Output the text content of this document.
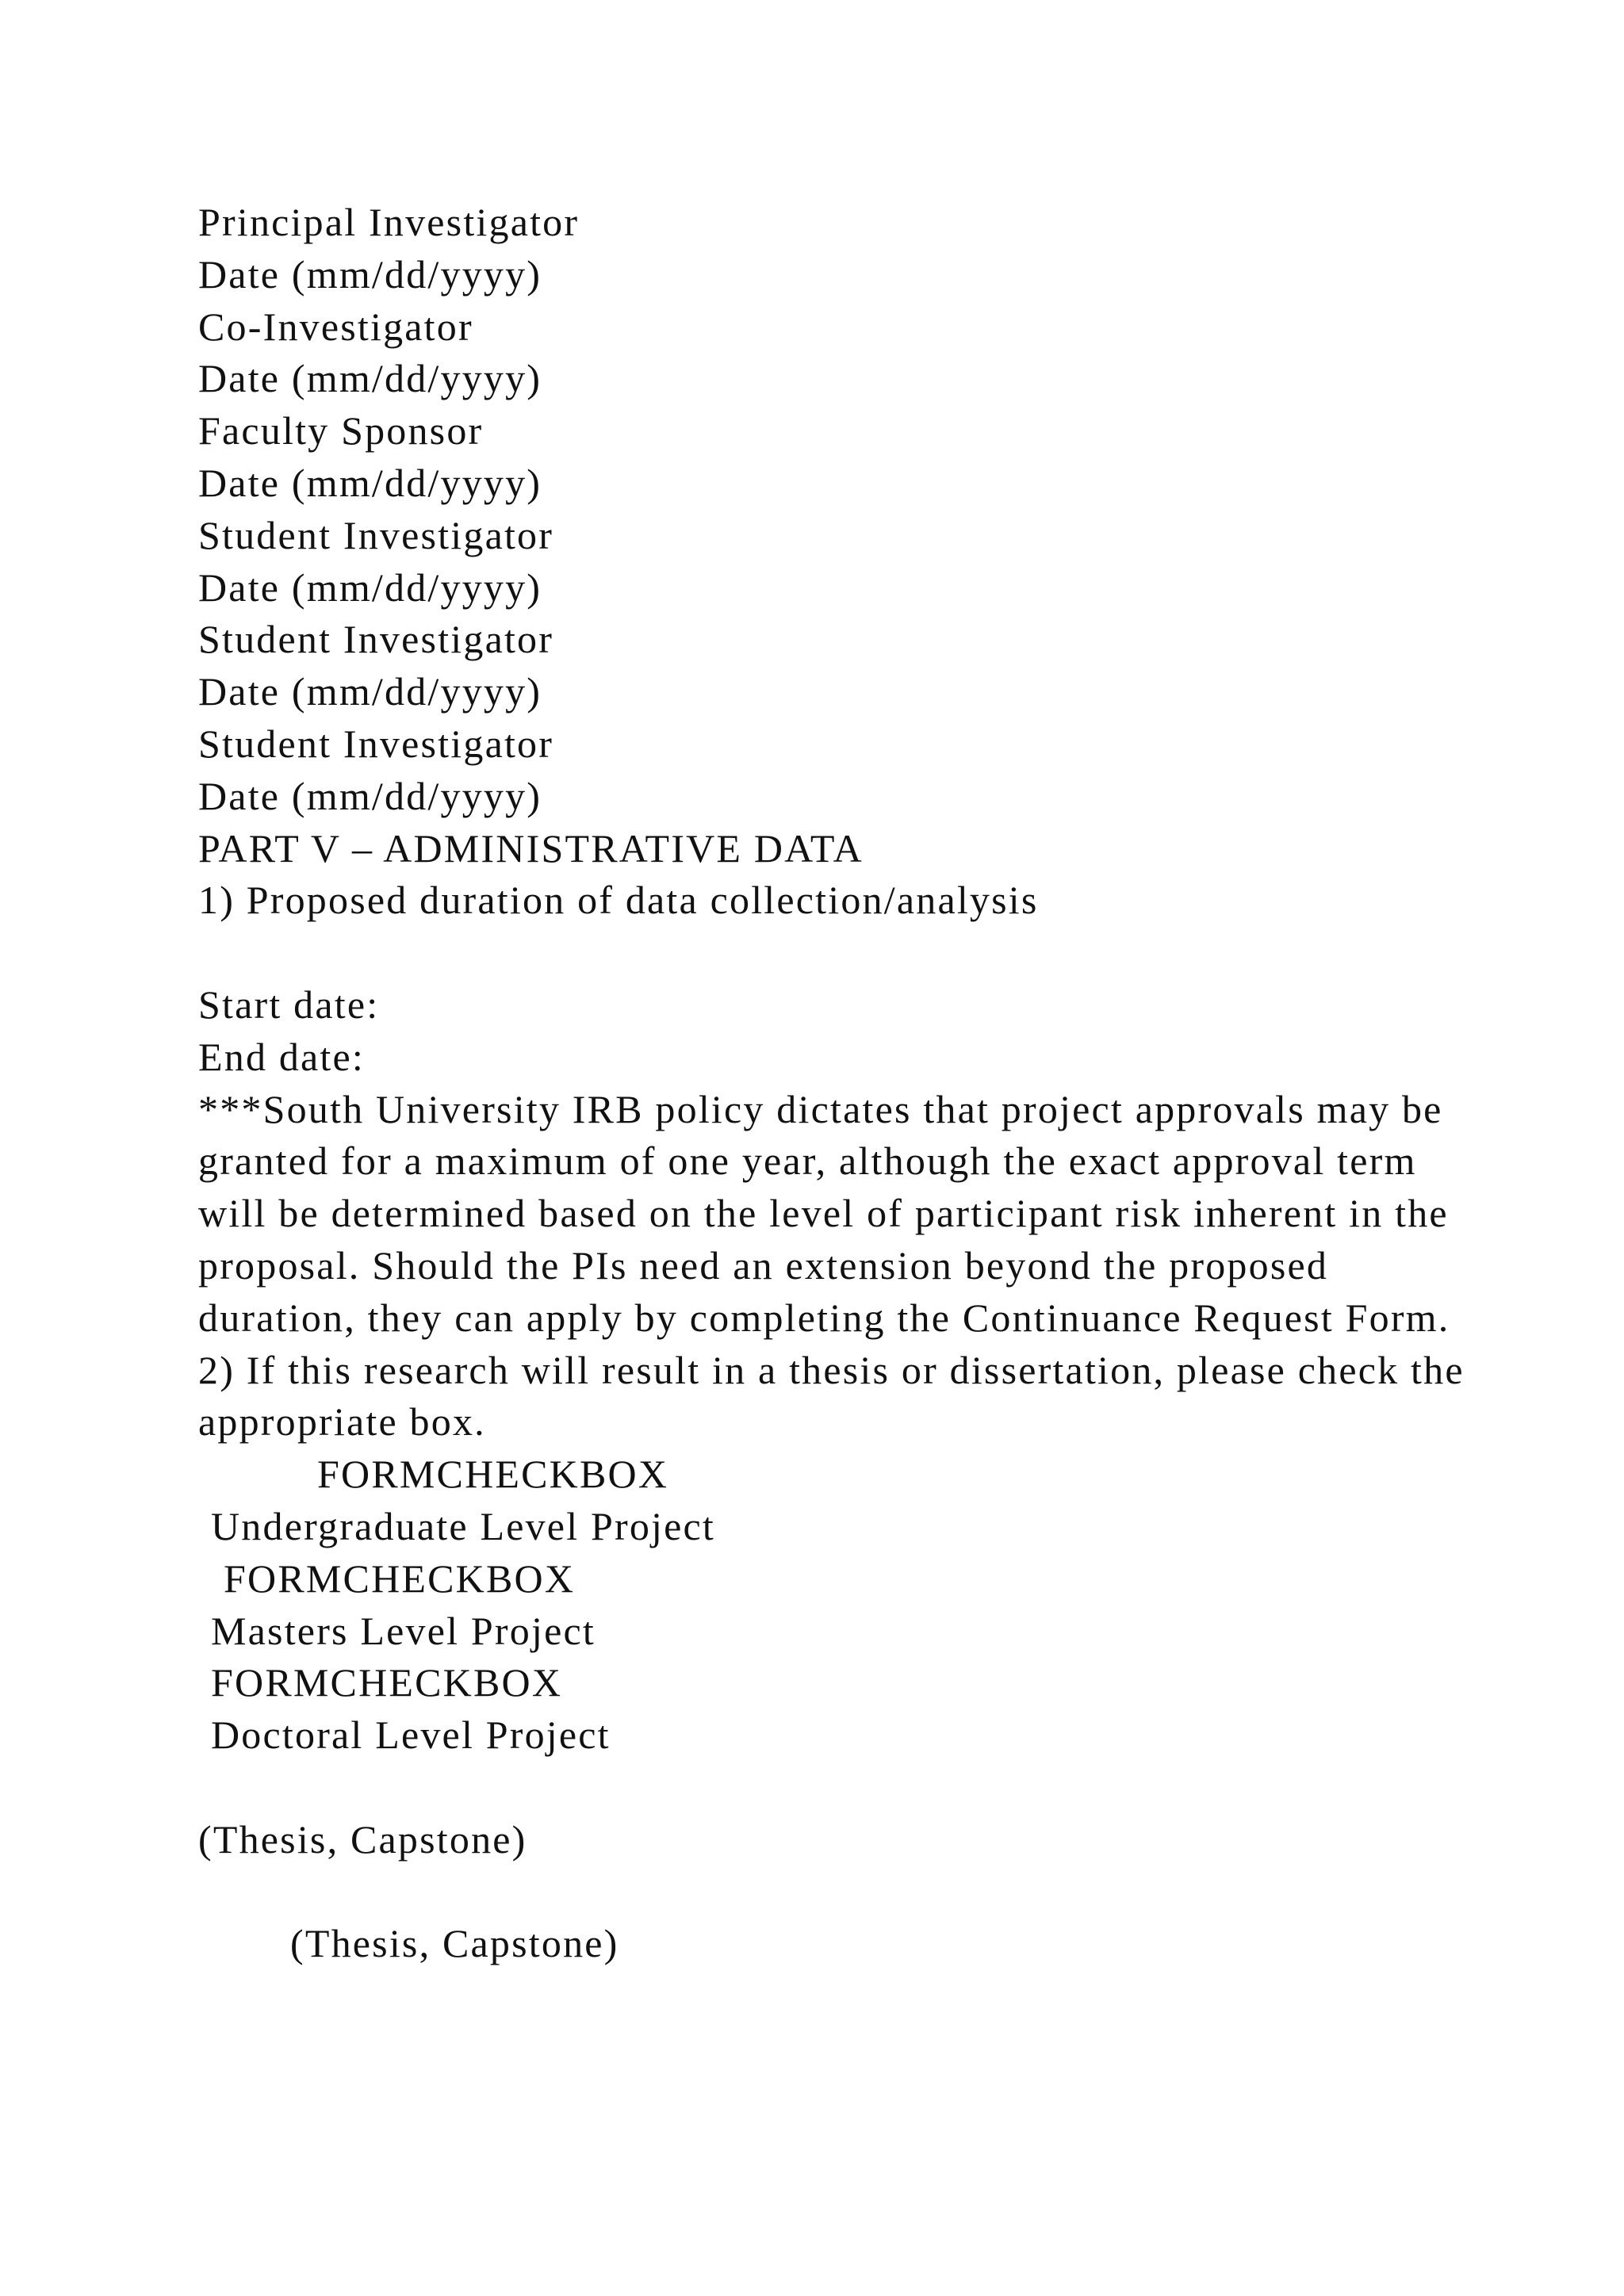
Principal Investigator
Date (mm/dd/yyyy)
Co-Investigator
Date (mm/dd/yyyy)
Faculty Sponsor
Date (mm/dd/yyyy)
Student Investigator
Date (mm/dd/yyyy)
Student Investigator
Date (mm/dd/yyyy)
Student Investigator
Date (mm/dd/yyyy)
PART V – ADMINISTRATIVE DATA
1) Proposed duration of data collection/analysis
Start date:
End date:
***South University IRB policy dictates that project approvals may be granted for a maximum of one year, although the exact approval term will be determined based on the level of participant risk inherent in the proposal. Should the PIs need an extension beyond the proposed duration, they can apply by completing the Continuance Request Form.
2) If this research will result in a thesis or dissertation, please check the appropriate box.
FORMCHECKBOX
Undergraduate Level Project
FORMCHECKBOX
Masters Level Project
FORMCHECKBOX
Doctoral Level Project
(Thesis, Capstone)
(Thesis, Capstone)
